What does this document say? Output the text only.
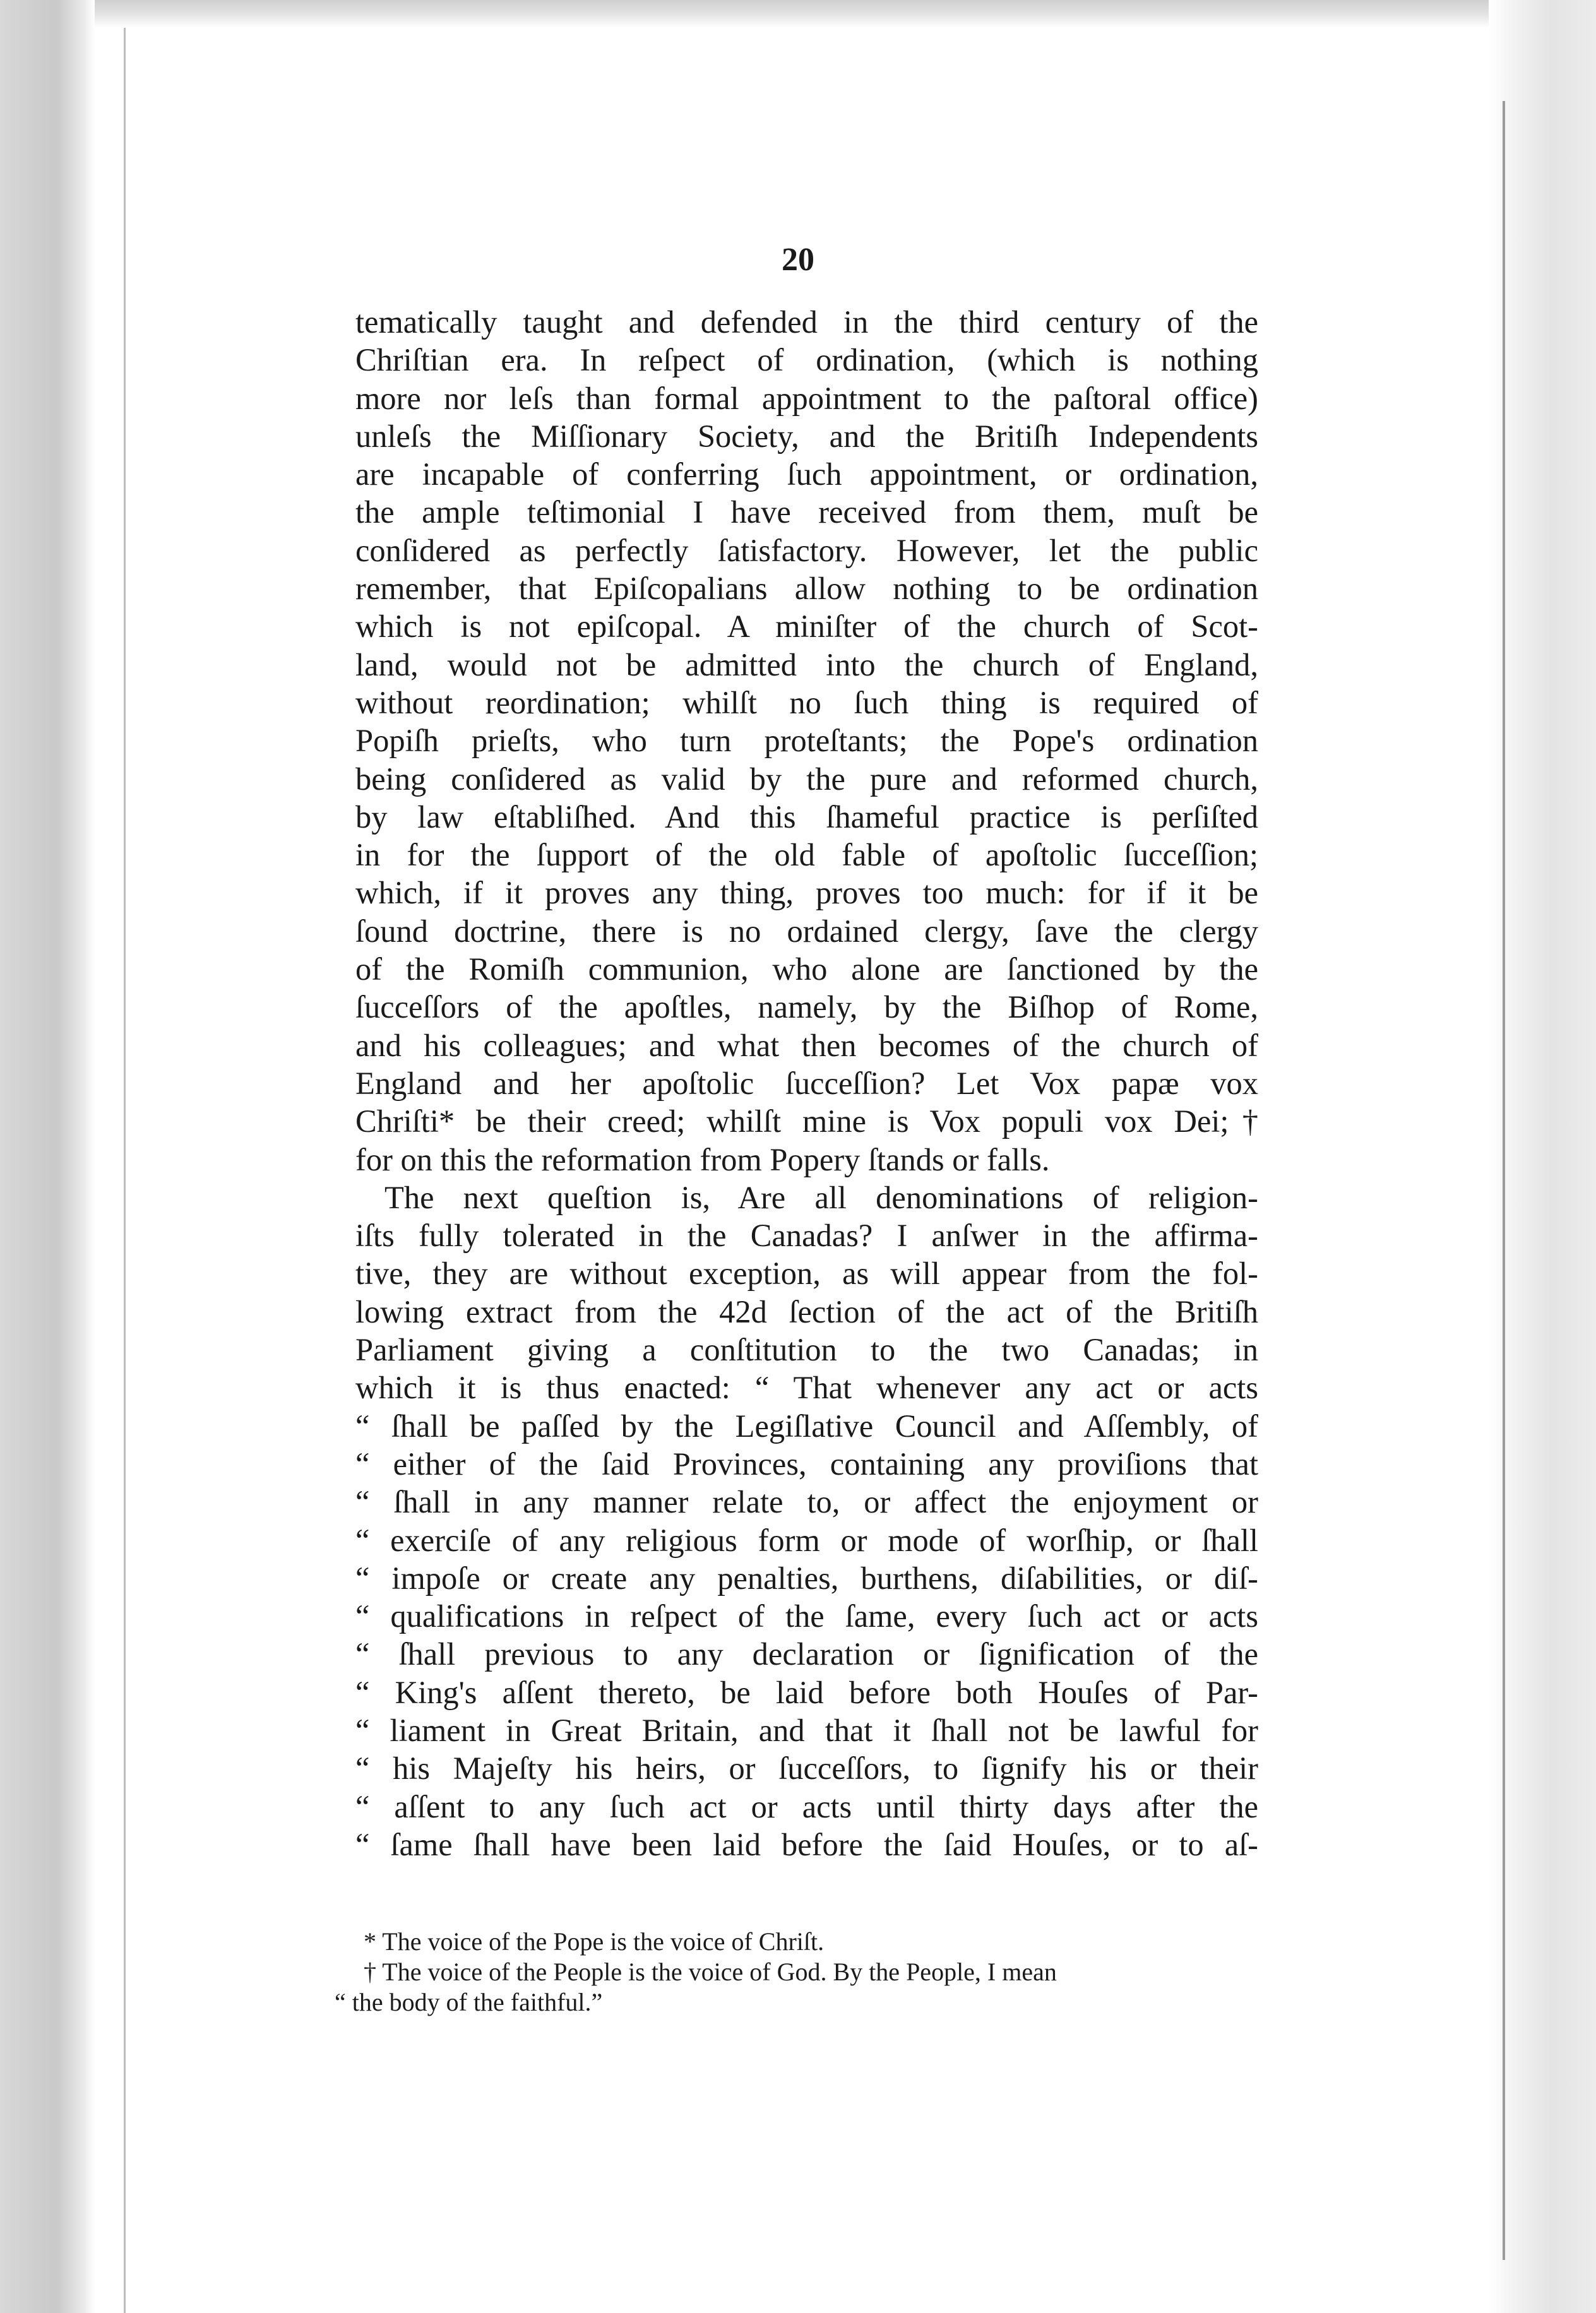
20
tematically taught and defended in the third century of the
Chriſtian era. In reſpect of ordination, (which is nothing
more nor leſs than formal appointment to the paſtoral office)
unleſs the Miſſionary Society, and the Britiſh Independents
are incapable of conferring ſuch appointment, or ordination,
the ample teſtimonial I have received from them, muſt be
conſidered as perfectly ſatisfactory. However, let the public
remember, that Epiſcopalians allow nothing to be ordination
which is not epiſcopal. A miniſter of the church of Scot-
land, would not be admitted into the church of England,
without reordination; whilſt no ſuch thing is required of
Popiſh prieſts, who turn proteſtants; the Pope's ordination
being conſidered as valid by the pure and reformed church,
by law eſtabliſhed. And this ſhameful practice is perſiſted
in for the ſupport of the old fable of apoſtolic ſucceſſion;
which, if it proves any thing, proves too much: for if it be
ſound doctrine, there is no ordained clergy, ſave the clergy
of the Romiſh communion, who alone are ſanctioned by the
ſucceſſors of the apoſtles, namely, by the Biſhop of Rome,
and his colleagues; and what then becomes of the church of
England and her apoſtolic ſucceſſion? Let Vox papæ vox
Chriſti* be their creed; whilſt mine is Vox populi vox Dei;†
for on this the reformation from Popery ſtands or falls.
The next queſtion is, Are all denominations of religion-
iſts fully tolerated in the Canadas? I anſwer in the affirma-
tive, they are without exception, as will appear from the fol-
lowing extract from the 42d ſection of the act of the Britiſh
Parliament giving a conſtitution to the two Canadas; in
which it is thus enacted: “ That whenever any act or acts
“ ſhall be paſſed by the Legiſlative Council and Aſſembly, of
“ either of the ſaid Provinces, containing any proviſions that
“ ſhall in any manner relate to, or affect the enjoyment or
“ exerciſe of any religious form or mode of worſhip, or ſhall
“ impoſe or create any penalties, burthens, diſabilities, or diſ-
“ qualifications in reſpect of the ſame, every ſuch act or acts
“ ſhall previous to any declaration or ſignification of the
“ King's aſſent thereto, be laid before both Houſes of Par-
“ liament in Great Britain, and that it ſhall not be lawful for
“ his Majeſty his heirs, or ſucceſſors, to ſignify his or their
“ aſſent to any ſuch act or acts until thirty days after the
“ ſame ſhall have been laid before the ſaid Houſes, or to aſ-
* The voice of the Pope is the voice of Chriſt.
† The voice of the People is the voice of God. By the People, I mean
“ the body of the faithful.”
